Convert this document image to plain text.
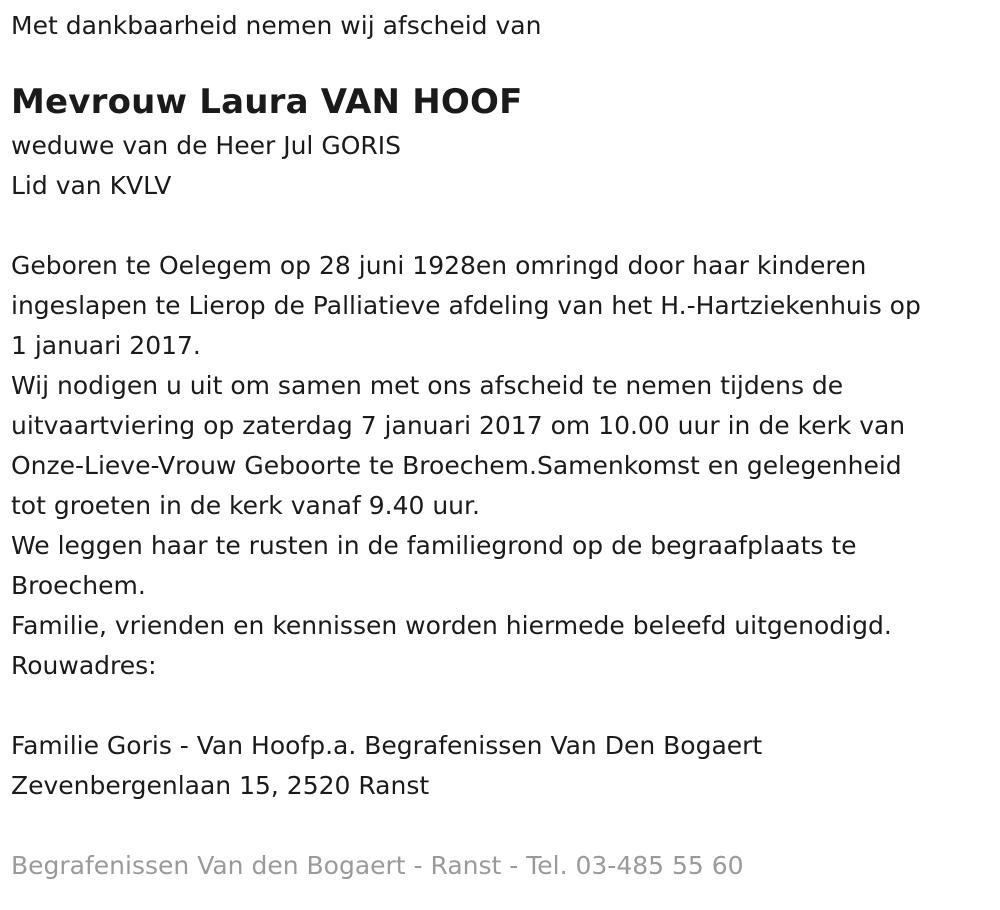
Met dankbaarheid nemen wij afscheid van
Mevrouw Laura VAN HOOF
weduwe van de Heer Jul GORIS
Lid van KVLV
Geboren te Oelegem op 28 juni 1928en omringd door haar kinderen
ingeslapen te Lierop de Palliatieve afdeling van het H.-Hartziekenhuis op
1 januari 2017.
Wij nodigen u uit om samen met ons afscheid te nemen tijdens de
uitvaartviering op zaterdag 7 januari 2017 om 10.00 uur in de kerk van
Onze-Lieve-Vrouw Geboorte te Broechem.Samenkomst en gelegenheid
tot groeten in de kerk vanaf 9.40 uur.
We leggen haar te rusten in de familiegrond op de begraafplaats te
Broechem.
Familie, vrienden en kennissen worden hiermede beleefd uitgenodigd.
Rouwadres:
Familie Goris - Van Hoofp.a. Begrafenissen Van Den Bogaert
Zevenbergenlaan 15, 2520 Ranst
Begrafenissen Van den Bogaert - Ranst - Tel. 03-485 55 60
